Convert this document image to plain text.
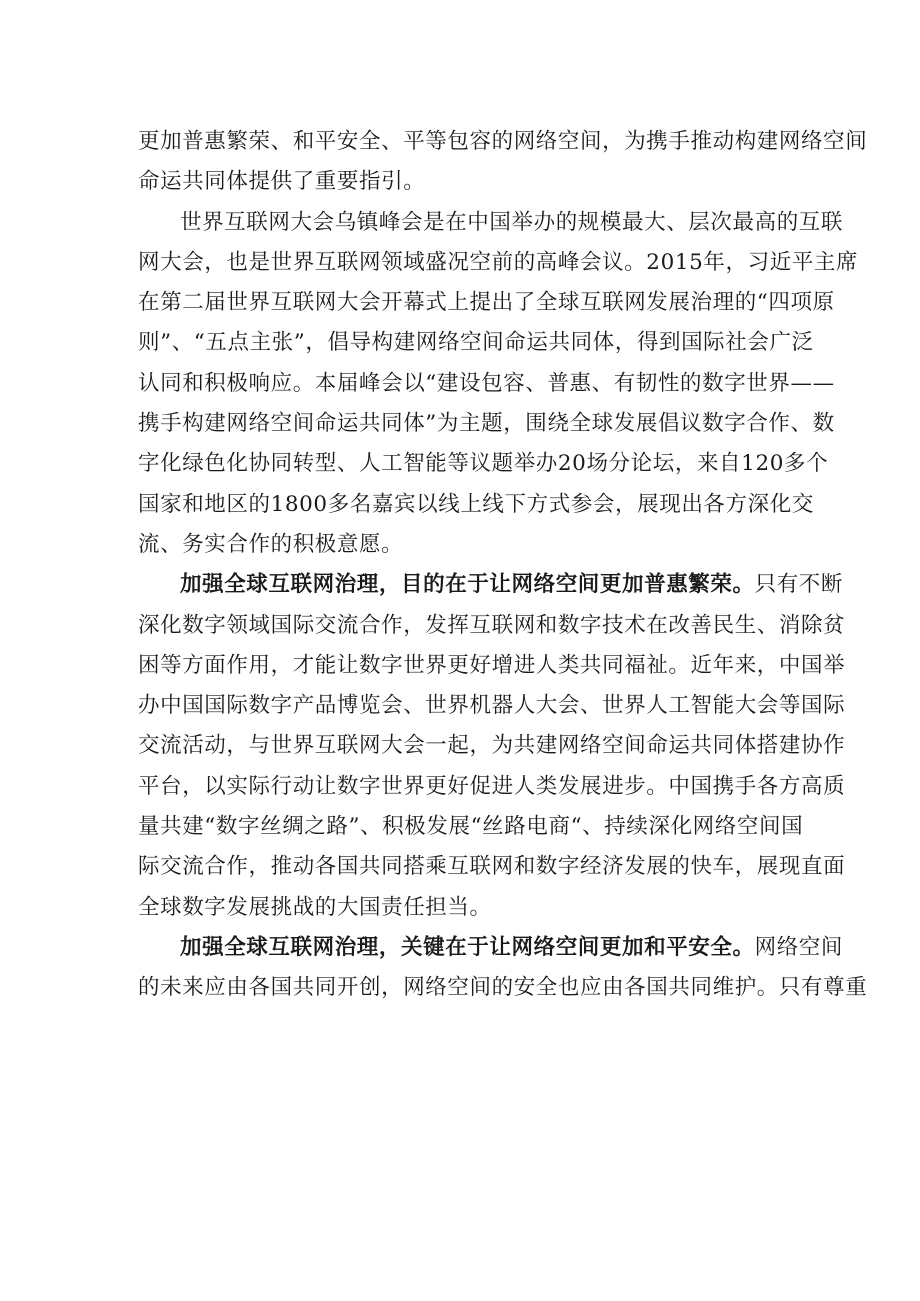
更加普惠繁荣、和平安全、平等包容的网络空间，为携手推动构建网络空间
命运共同体提供了重要指引。
世界互联网大会乌镇峰会是在中国举办的规模最大、层次最高的互联
网大会，也是世界互联网领域盛况空前的高峰会议。2015年，习近平主席
在第二届世界互联网大会开幕式上提出了全球互联网发展治理的“四项原
则”、“五点主张”，倡导构建网络空间命运共同体，得到国际社会广泛
认同和积极响应。本届峰会以“建设包容、普惠、有韧性的数字世界——
携手构建网络空间命运共同体”为主题，围绕全球发展倡议数字合作、数
字化绿色化协同转型、人工智能等议题举办20场分论坛，来自120多个
国家和地区的1800多名嘉宾以线上线下方式参会，展现出各方深化交
流、务实合作的积极意愿。
加强全球互联网治理，目的在于让网络空间更加普惠繁荣。只有不断
深化数字领域国际交流合作，发挥互联网和数字技术在改善民生、消除贫
困等方面作用，才能让数字世界更好增进人类共同福祉。近年来，中国举
办中国国际数字产品博览会、世界机器人大会、世界人工智能大会等国际
交流活动，与世界互联网大会一起，为共建网络空间命运共同体搭建协作
平台，以实际行动让数字世界更好促进人类发展进步。中国携手各方高质
量共建“数字丝绸之路”、积极发展“丝路电商“、持续深化网络空间国
际交流合作，推动各国共同搭乘互联网和数字经济发展的快车，展现直面
全球数字发展挑战的大国责任担当。
加强全球互联网治理，关键在于让网络空间更加和平安全。网络空间
的未来应由各国共同开创，网络空间的安全也应由各国共同维护。只有尊重
